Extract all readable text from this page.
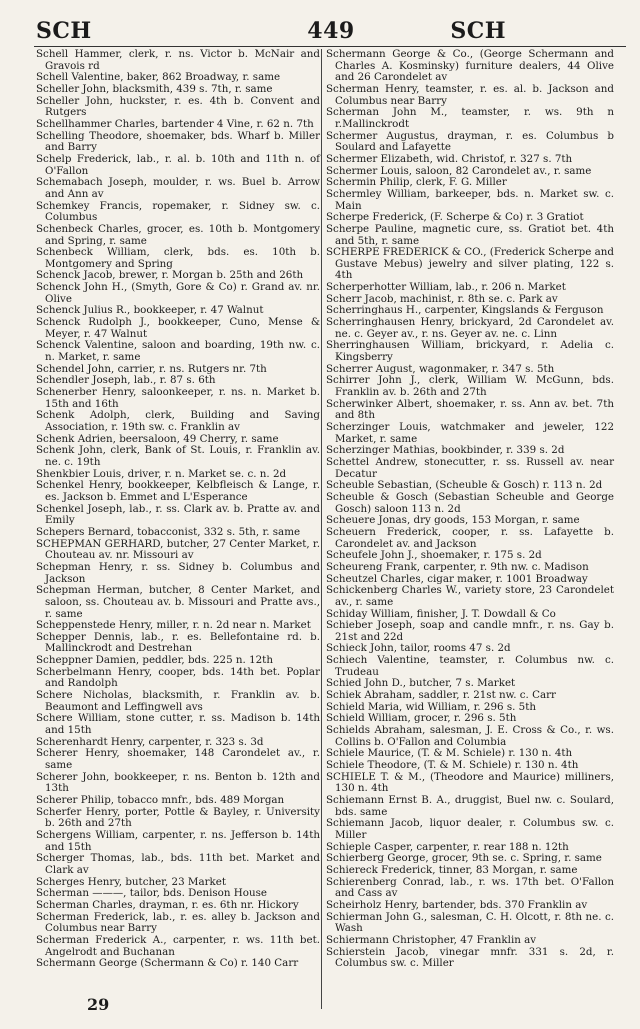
SCH	449	SCH

Schell Hammer, clerk, r. ns. Victor b. McNair and Gravois rd

Schell Valentine, baker, 862 Broadway, r. same

Scheller John, blacksmith, 439 s. 7th, r. same

Scheller John, huckster, r. es. 4th b. Convent and Rutgers

Schellhammer Charles, bartender 4 Vine, r. 62 n. 7th

Schelling Theodore, shoemaker, bds. Wharf b. Miller and Barry

Schelp Frederick, lab., r. al. b. 10th and 11th n. of O'Fallon

Schemabach Joseph, moulder, r. ws. Buel b. Arrow and Ann av

Schemkey Francis, ropemaker, r. Sidney sw. c. Columbus

Schenbeck Charles, grocer, es. 10th b. Montgomery and Spring, r. same

Schenbeck William, clerk, bds. es. 10th b. Montgomery and Spring

Schenck Jacob, brewer, r. Morgan b. 25th and 26th

Schenck John H., (Smyth, Gore & Co) r. Grand av. nr. Olive

Schenck Julius R., bookkeeper, r. 47 Walnut

Schenck Rudolph J., bookkeeper, Cuno, Mense & Meyer, r. 47 Walnut

Schenck Valentine, saloon and boarding, 19th nw. c. n. Market, r. same

Schendel John, carrier, r. ns. Rutgers nr. 7th

Schendler Joseph, lab., r. 87 s. 6th

Schenerber Henry, saloonkeeper, r. ns. n. Market b. 15th and 16th

Schenk Adolph, clerk, Building and Saving Association, r. 19th sw. c. Franklin av

Schenk Adrien, beersaloon, 49 Cherry, r. same

Schenk John, clerk, Bank of St. Louis, r. Franklin av. ne. c. 19th

Shenkbier Louis, driver, r. n. Market se. c. n. 2d

Schenkel Henry, bookkeeper, Kelbfleisch & Lange, r. es. Jackson b. Emmet and L'Esperance

Schenkel Joseph, lab., r. ss. Clark av. b. Pratte av. and Emily

Schepers Bernard, tobacconist, 332 s. 5th, r. same

SCHEPMAN GERHARD, butcher, 27 Center Market, r. Chouteau av. nr. Missouri av

Schepman Henry, r. ss. Sidney b. Columbus and Jackson

Schepman Herman, butcher, 8 Center Market, and saloon, ss. Chouteau av. b. Missouri and Pratte avs., r. same

Scheppenstede Henry, miller, r. n. 2d near n. Market

Schepper Dennis, lab., r. es. Bellefontaine rd. b. Mallinckrodt and Destrehan

Scheppner Damien, peddler, bds. 225 n. 12th

Scherbelmann Henry, cooper, bds. 14th bet. Poplar and Randolph

Schere Nicholas, blacksmith, r. Franklin av. b. Beaumont and Leffingwell avs

Schere William, stone cutter, r. ss. Madison b. 14th and 15th

Scherenhardt Henry, carpenter, r. 323 s. 3d

Scherer Henry, shoemaker, 148 Carondelet av., r. same

Scherer John, bookkeeper, r. ns. Benton b. 12th and 13th

Scherer Philip, tobacco mnfr., bds. 489 Morgan

Scherfer Henry, porter, Pottle & Bayley, r. University b. 26th and 27th

Schergens William, carpenter, r. ns. Jefferson b. 14th and 15th

Scherger Thomas, lab., bds. 11th bet. Market and Clark av

Scherges Henry, butcher, 23 Market

Scherman ———, tailor, bds. Denison House

Scherman Charles, drayman, r. es. 6th nr. Hickory

Scherman Frederick, lab., r. es. alley b. Jackson and Columbus near Barry

Scherman Frederick A., carpenter, r. ws. 11th bet. Angelrodt and Buchanan

Schermann George (Schermann & Co) r. 140 Carr

Schermann George & Co., (George Schermann and Charles A. Kosminsky) furniture dealers, 44 Olive and 26 Carondelet av

Scherman Henry, teamster, r. es. al. b. Jackson and Columbus near Barry

Scherman John M., teamster, r. ws. 9th n r.Mallinckrodt

Schermer Augustus, drayman, r. es. Columbus b Soulard and Lafayette

Schermer Elizabeth, wid. Christof, r. 327 s. 7th

Schermer Louis, saloon, 82 Carondelet av., r. same

Schermin Philip, clerk, F. G. Miller

Schermley William, barkeeper, bds. n. Market sw. c. Main

Scherpe Frederick, (F. Scherpe & Co) r. 3 Gratiot

Scherpe Pauline, magnetic cure, ss. Gratiot bet. 4th and 5th, r. same

SCHERPE FREDERICK & CO., (Frederick Scherpe and Gustave Mebus) jewelry and silver plating, 122 s. 4th

Scherperhotter William, lab., r. 206 n. Market

Scherr Jacob, machinist, r. 8th se. c. Park av

Scherringhaus H., carpenter, Kingslands & Ferguson

Scherringhausen Henry, brickyard, 2d Carondelet av. ne. c. Geyer av., r. ns. Geyer av. ne. c. Linn

Sherringhausen William, brickyard, r. Adelia c. Kingsberry

Scherrer August, wagonmaker, r. 347 s. 5th

Schirrer John J., clerk, William W. McGunn, bds. Franklin av. b. 26th and 27th

Scherwinker Albert, shoemaker, r. ss. Ann av. bet. 7th and 8th

Scherzinger Louis, watchmaker and jeweler, 122 Market, r. same

Scherzinger Mathias, bookbinder, r. 339 s. 2d

Schettel Andrew, stonecutter, r. ss. Russell av. near Decatur

Scheuble Sebastian, (Scheuble & Gosch) r. 113 n. 2d

Scheuble & Gosch (Sebastian Scheuble and George Gosch) saloon 113 n. 2d

Scheuere Jonas, dry goods, 153 Morgan, r. same

Scheuern Frederick, cooper, r. ss. Lafayette b. Carondelet av. and Jackson

Scheufele John J., shoemaker, r. 175 s. 2d

Scheureng Frank, carpenter, r. 9th nw. c. Madison

Scheutzel Charles, cigar maker, r. 1001 Broadway

Schickenberg Charles W., variety store, 23 Carondelet av., r. same

Schiday William, finisher, J. T. Dowdall & Co

Schieber Joseph, soap and candle mnfr., r. ns. Gay b. 21st and 22d

Schieck John, tailor, rooms 47 s. 2d

Schiech Valentine, teamster, r. Columbus nw. c. Trudeau

Schied John D., butcher, 7 s. Market

Schiek Abraham, saddler, r. 21st nw. c. Carr

Schield Maria, wid William, r. 296 s. 5th

Schield William, grocer, r. 296 s. 5th

Schields Abraham, salesman, J. E. Cross & Co., r. ws. Collins b. O'Fallon and Columbia

Schiele Maurice, (T. & M. Schiele) r. 130 n. 4th

Schiele Theodore, (T. & M. Schiele) r. 130 n. 4th

SCHIELE T. & M., (Theodore and Maurice) milliners, 130 n. 4th

Schiemann Ernst B. A., druggist, Buel nw. c. Soulard, bds. same

Schiemann Jacob, liquor dealer, r. Columbus sw. c. Miller

Schieple Casper, carpenter, r. rear 188 n. 12th

Schierberg George, grocer, 9th se. c. Spring, r. same

Schiereck Frederick, tinner, 83 Morgan, r. same

Schierenberg Conrad, lab., r. ws. 17th bet. O'Fallon and Cass av

Scheirholz Henry, bartender, bds. 370 Franklin av

Schierman John G., salesman, C. H. Olcott, r. 8th ne. c. Wash

Schiermann Christopher, 47 Franklin av

Schierstein Jacob, vinegar mnfr. 331 s. 2d, r. Columbus sw. c. Miller

29
